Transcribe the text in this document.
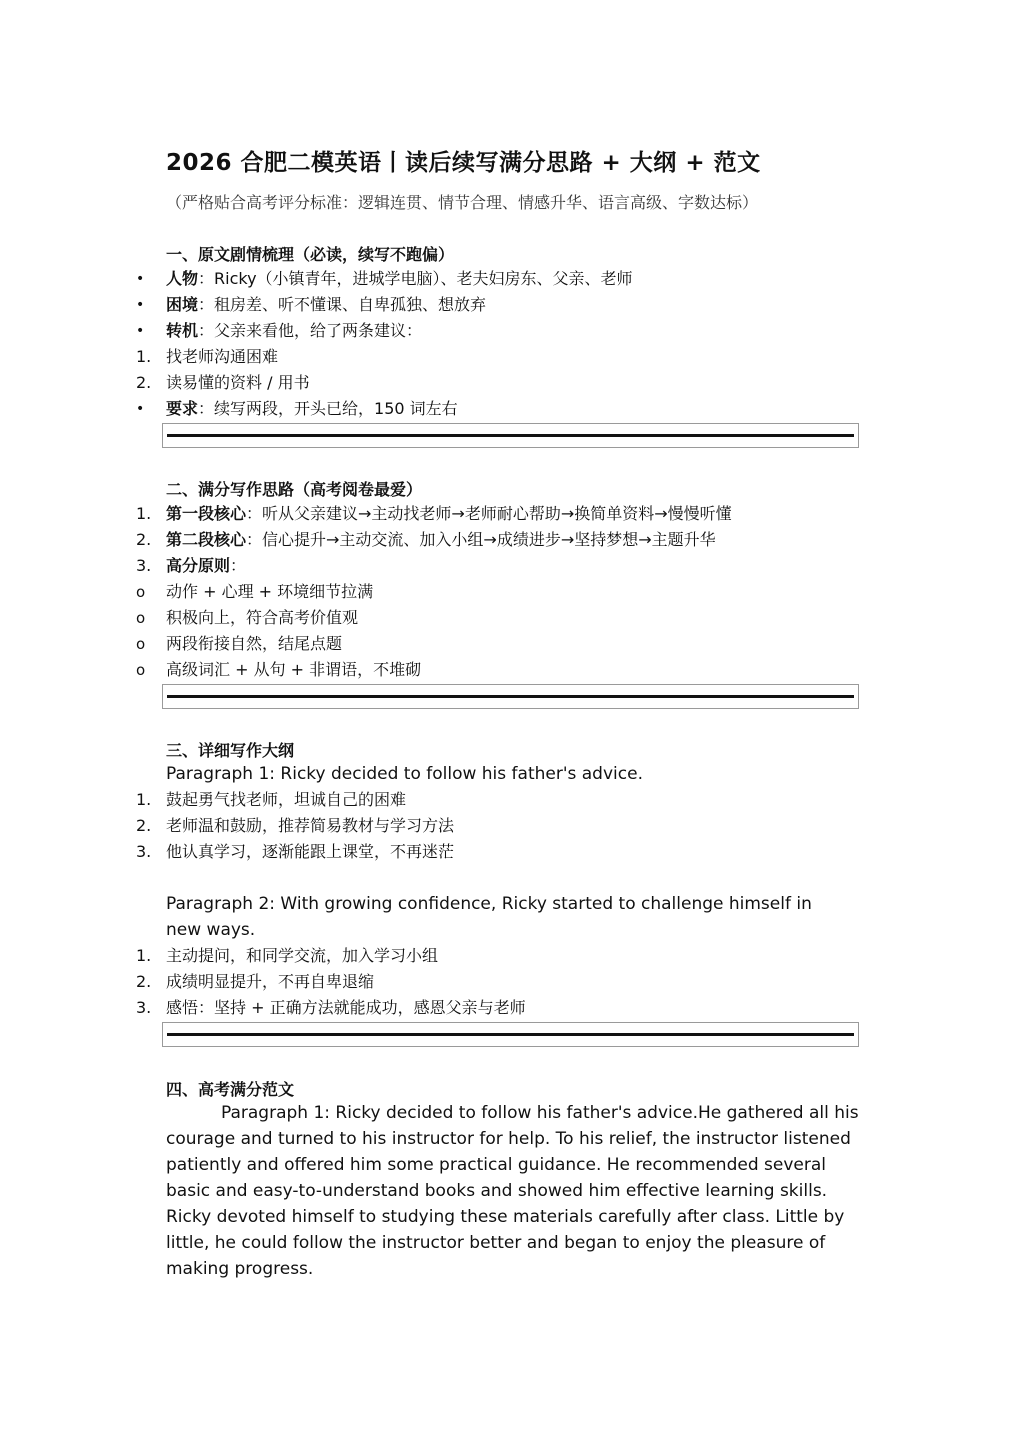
2026 合肥二模英语丨读后续写满分思路 + 大纲 + 范文
（严格贴合高考评分标准：逻辑连贯、情节合理、情感升华、语言高级、字数达标）
一、原文剧情梳理（必读，续写不跑偏）
•	人物：Ricky（小镇青年，进城学电脑）、老夫妇房东、父亲、老师
•	困境：租房差、听不懂课、自卑孤独、想放弃
•	转机：父亲来看他，给了两条建议：
1. 找老师沟通困难
2. 读易懂的资料 / 用书
•	要求：续写两段，开头已给，150 词左右
二、满分写作思路（高考阅卷最爱）
1. 第一段核心：听从父亲建议→主动找老师→老师耐心帮助→换简单资料→慢慢听懂
2. 第二段核心：信心提升→主动交流、加入小组→成绩进步→坚持梦想→主题升华
3. 高分原则：
o	动作 + 心理 + 环境细节拉满
o	积极向上，符合高考价值观
o	两段衔接自然，结尾点题
o	高级词汇 + 从句 + 非谓语，不堆砌
三、详细写作大纲
Paragraph 1: Ricky decided to follow his father's advice.
1. 鼓起勇气找老师，坦诚自己的困难
2. 老师温和鼓励，推荐简易教材与学习方法
3. 他认真学习，逐渐能跟上课堂，不再迷茫
Paragraph 2: With growing confidence, Ricky started to challenge himself in
new ways.
1. 主动提问，和同学交流，加入学习小组
2. 成绩明显提升，不再自卑退缩
3. 感悟：坚持 + 正确方法就能成功，感恩父亲与老师
四、高考满分范文

Paragraph 1: Ricky decided to follow his father's advice.He gathered all his courage and turned to his instructor for help. To his relief, the instructor listened patiently and offered him some practical guidance. He recommended several basic and easy-to-understand books and showed him effective learning skills. Ricky devoted himself to studying these materials carefully after class. Little by little, he could follow the instructor better and began to enjoy the pleasure of making progress.
